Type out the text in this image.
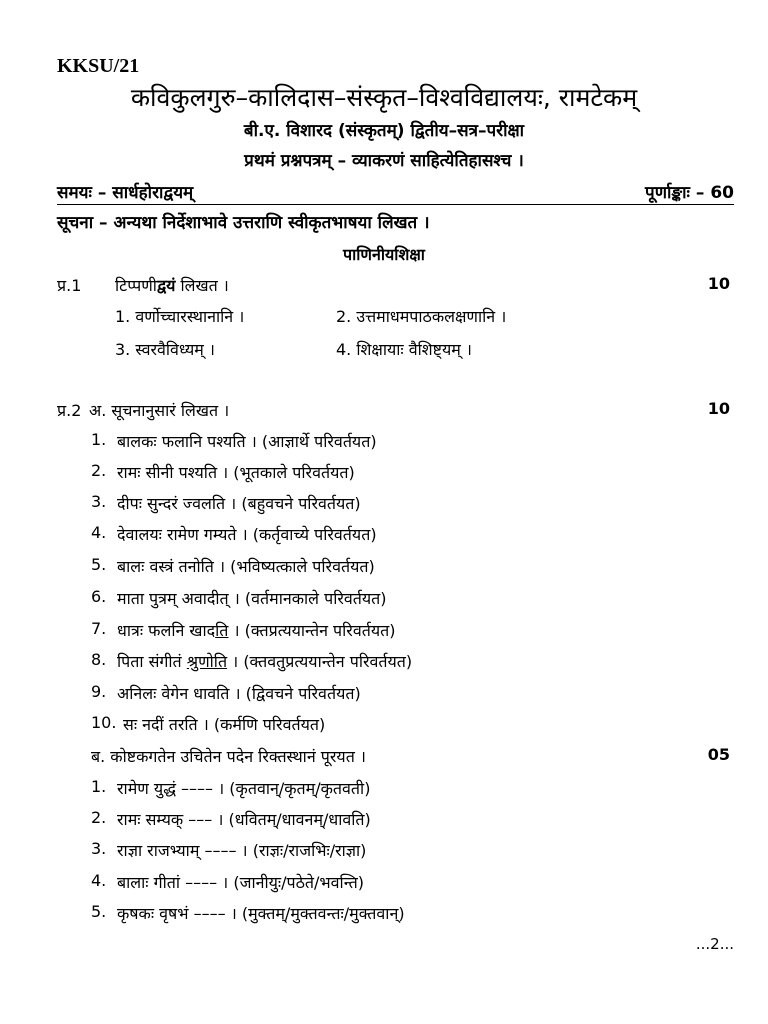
KKSU/21
कविकुलगुरु–कालिदास–संस्कृत–विश्वविद्यालयः, रामटेकम्
बी.ए. विशारद (संस्कृतम्) द्वितीय–सत्र–परीक्षा
प्रथमं प्रश्नपत्रम् – व्याकरणं साहित्येतिहासश्च ।
समयः – सार्धहोराद्वयम्	पूर्णाङ्काः – 60
सूचना – अन्यथा निर्देशाभावे उत्तराणि स्वीकृतभाषया लिखत ।
पाणिनीयशिक्षा
प्र.1 टिप्पणीद्वयं लिखत ।	10
1. वर्णोच्चारस्थानानि ।	2. उत्तमाधमपाठकलक्षणानि ।
3. स्वरवैविध्यम् ।	4. शिक्षायाः वैशिष्ट्यम् ।
प्र.2 अ. सूचनानुसारं लिखत ।	10
1. बालकः फलानि पश्यति । (आज्ञार्थे परिवर्तयत)
2. रामः सीनी पश्यति । (भूतकाले परिवर्तयत)
3. दीपः सुन्दरं ज्वलति । (बहुवचने परिवर्तयत)
4. देवालयः रामेण गम्यते । (कर्तृवाच्ये परिवर्तयत)
5. बालः वस्त्रं तनोति । (भविष्यत्काले परिवर्तयत)
6. माता पुत्रम् अवादीत् । (वर्तमानकाले परिवर्तयत)
7. धात्रः फलनि खादति । (क्तप्रत्ययान्तेन परिवर्तयत)
8. पिता संगीतं श्रुणोति । (क्तवतुप्रत्ययान्तेन परिवर्तयत)
9. अनिलः वेगेन धावति । (द्विवचने परिवर्तयत)
10. सः नदीं तरति । (कर्मणि परिवर्तयत)
ब. कोष्टकगतेन उचितेन पदेन रिक्तस्थानं पूरयत ।	05
1. रामेण युद्धं –––– । (कृतवान्/कृतम्/कृतवती)
2. रामः सम्यक् ––– । (धवितम्/धावनम्/धावति)
3. राज्ञा राजभ्याम् –––– । (राज्ञः/राजभिः/राज्ञा)
4. बालाः गीतां –––– । (जानीयुः/पठेते/भवन्ति)
5. कृषकः वृषभं –––– । (मुक्तम्/मुक्तवन्तः/मुक्तवान्)
...2...
